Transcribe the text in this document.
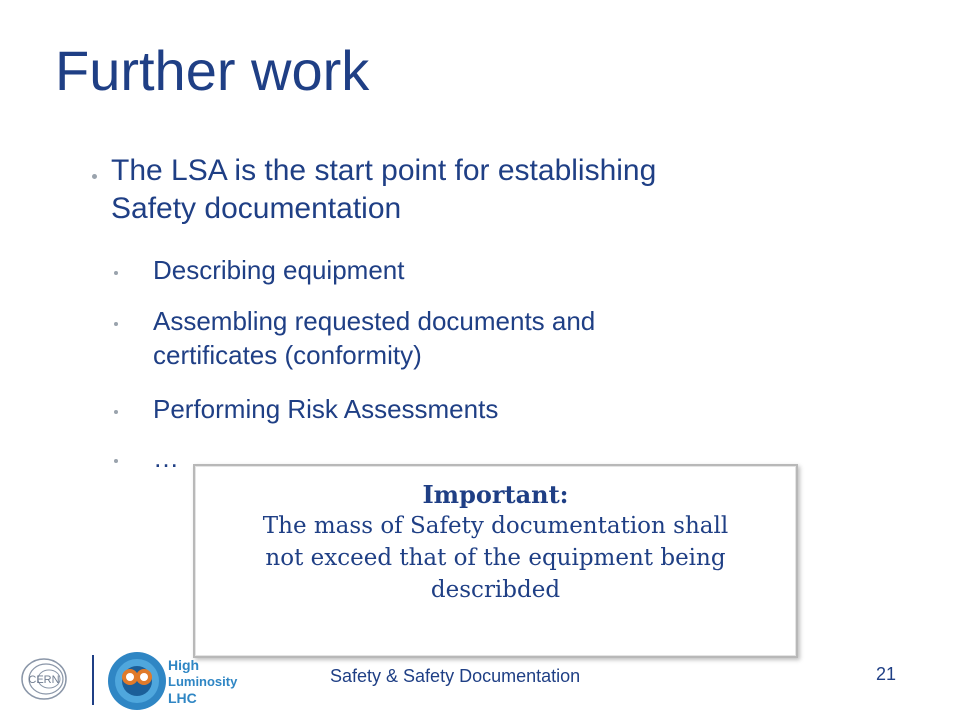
Further work
The LSA is the start point for establishing
Safety documentation
Describing equipment
Assembling requested documents and
certificates (conformity)
Performing Risk Assessments
…
Important:
The mass of Safety documentation shall
not exceed that of the equipment being
describded
CERN
High
Luminosity
LHC
Safety & Safety Documentation	21
